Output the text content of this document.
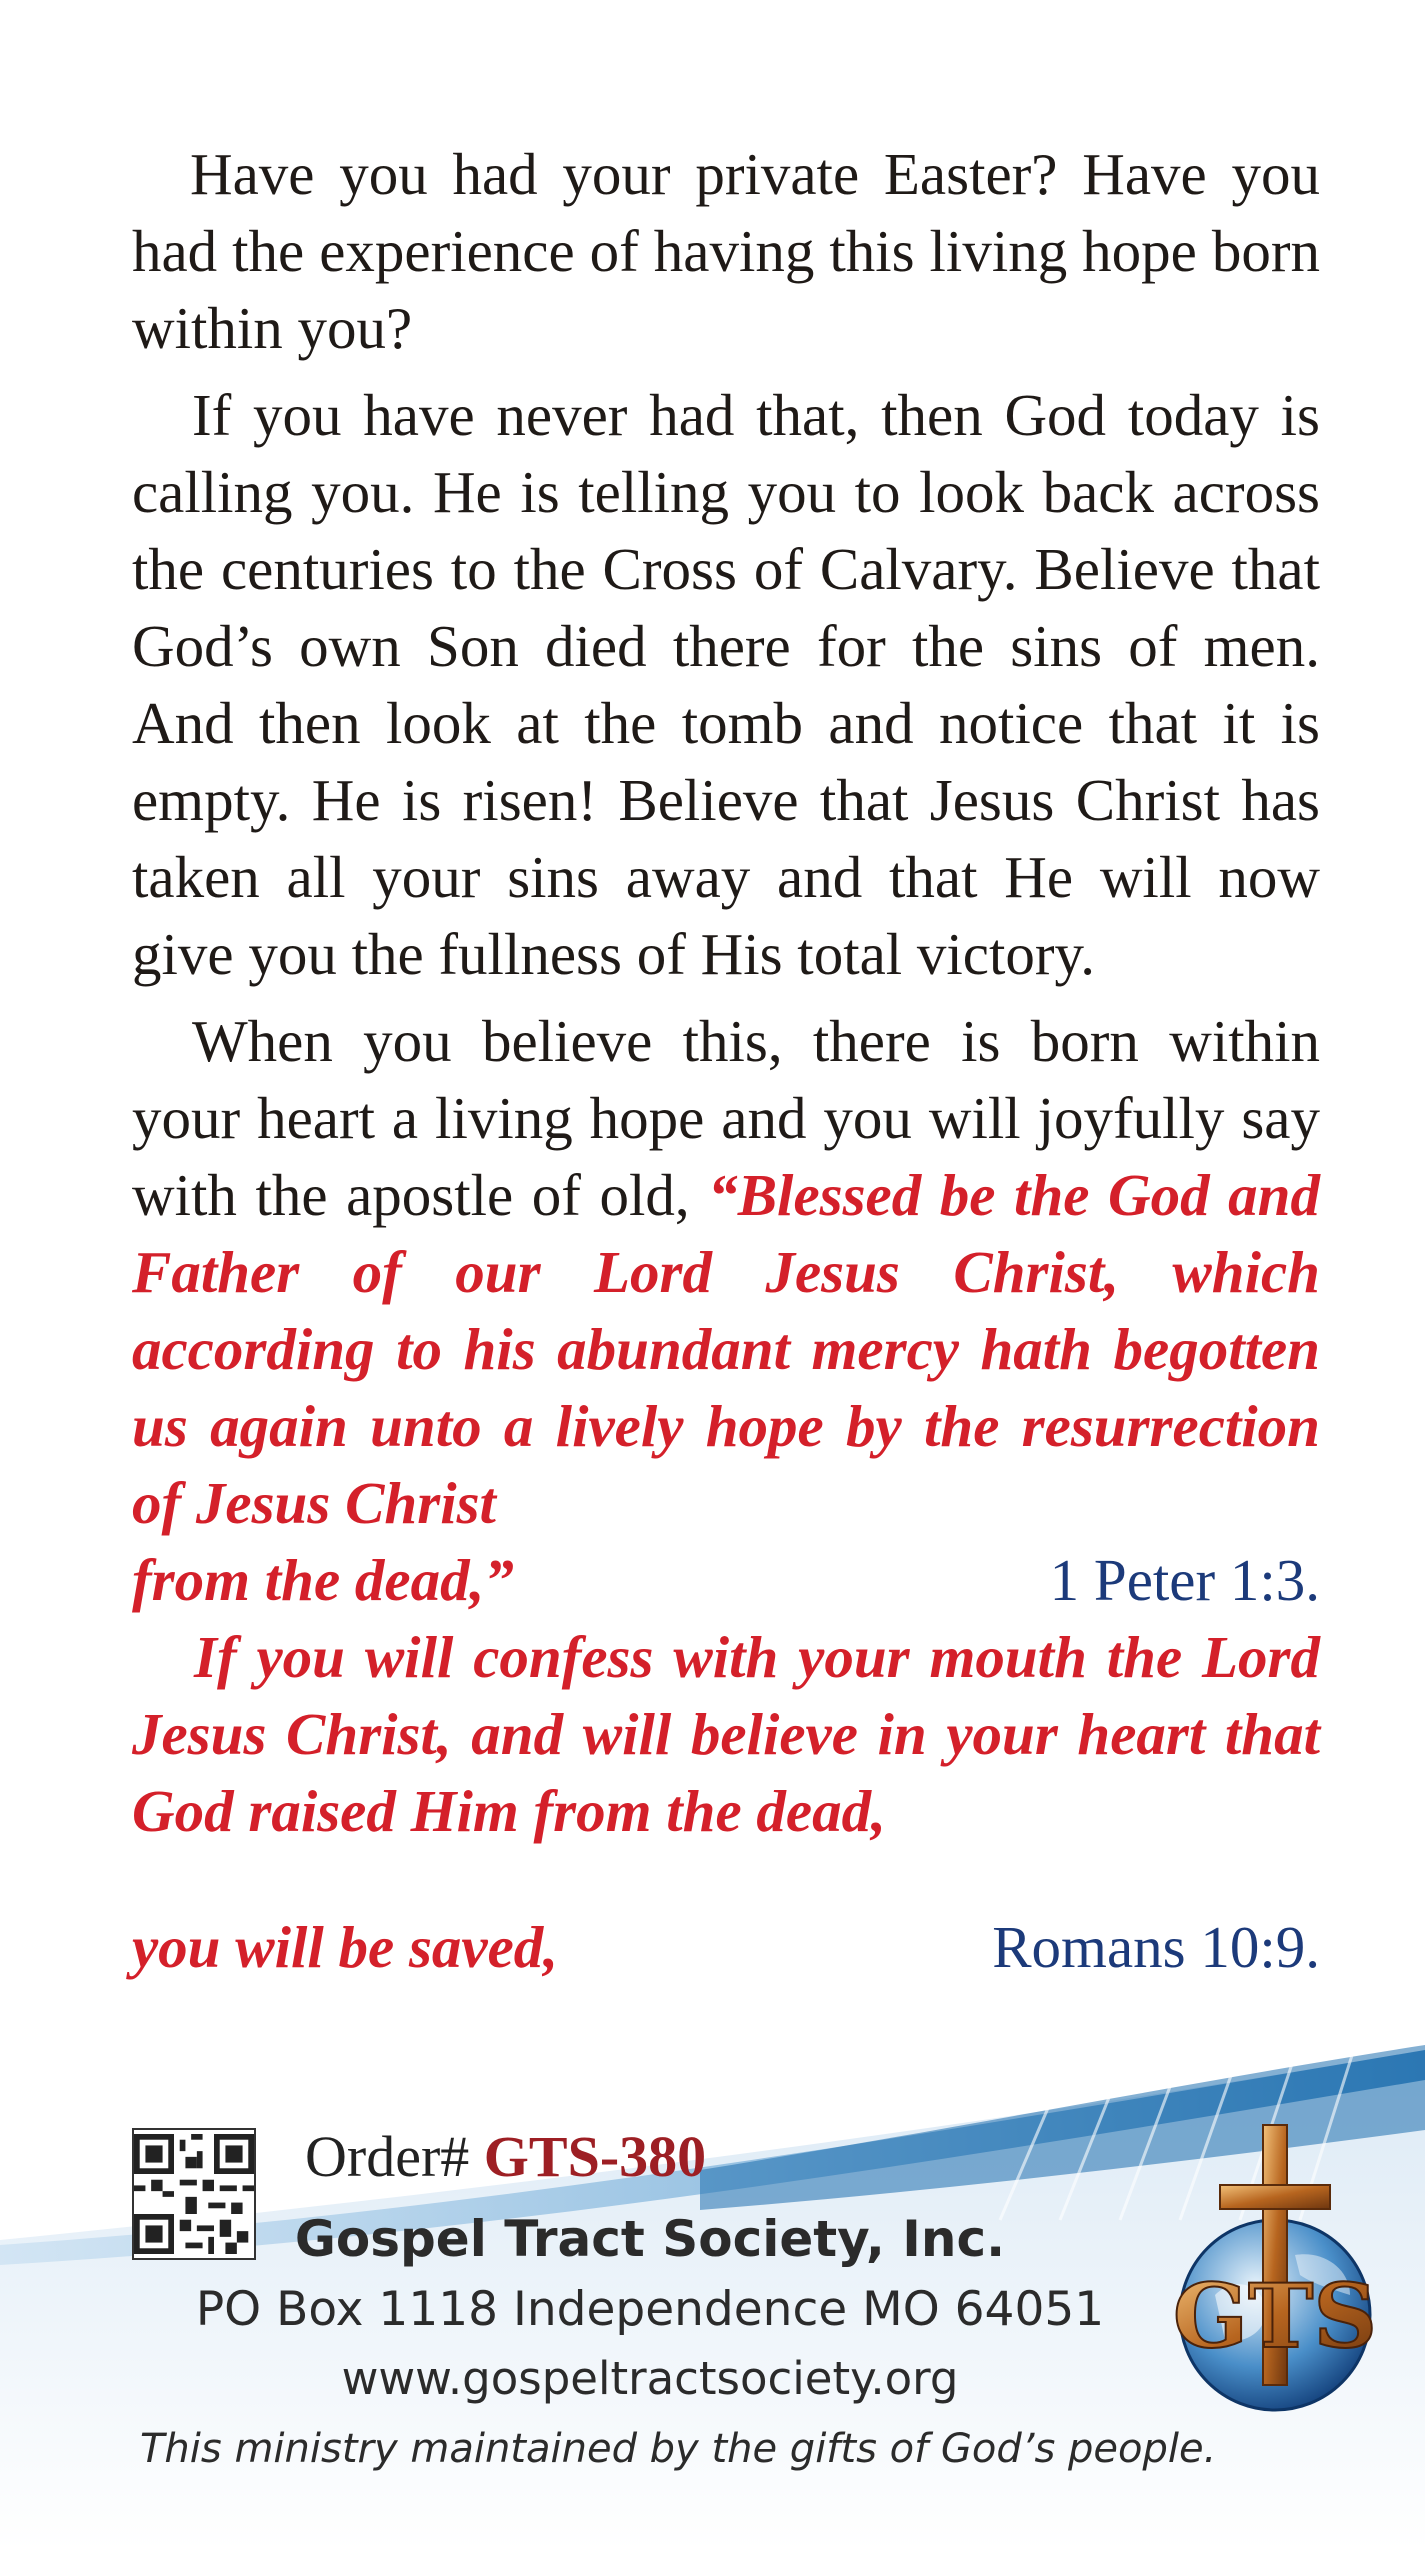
Have you had your private Easter? Have you had the experience of having this living hope born within you?

If you have never had that, then God today is calling you. He is telling you to look back across the centuries to the Cross of Calvary. Believe that God’s own Son died there for the sins of men. And then look at the tomb and notice that it is empty. He is risen! Believe that Jesus Christ has taken all your sins away and that He will now give you the fullness of His total victory.

When you believe this, there is born within your heart a living hope and you will joyfully say with the apostle of old, “Blessed be the God and Father of our Lord Jesus Christ, which according to his abundant mercy hath begotten us again unto a lively hope by the resurrection of Jesus Christ

from the dead,”	1 Peter 1:3.

If you will confess with your mouth the Lord Jesus Christ, and will believe in your heart that God raised Him from the dead,

you will be saved,	Romans 10:9.
Order# GTS-380
Gospel Tract Society, Inc.
PO Box 1118 Independence MO 64051
www.gospeltractsociety.org
This ministry maintained by the gifts of God’s people.
GTS
